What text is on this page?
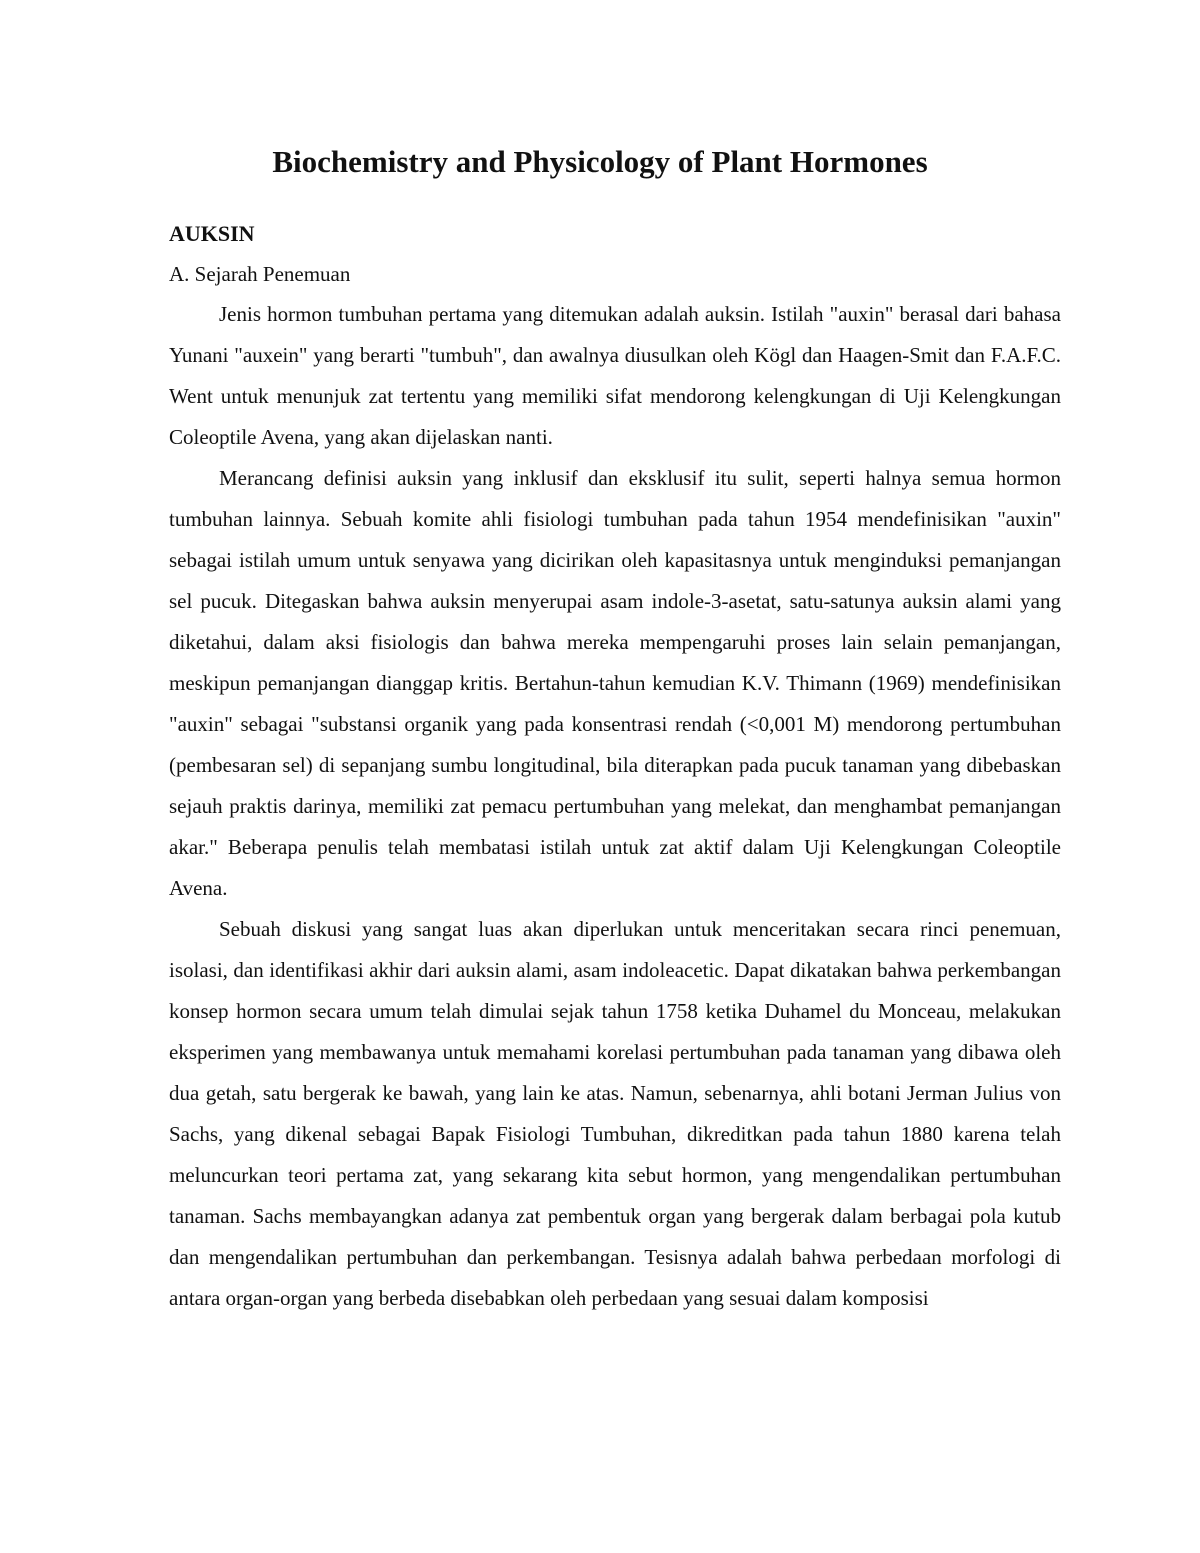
Biochemistry and Physicology of Plant Hormones
AUKSIN

A. Sejarah Penemuan

Jenis hormon tumbuhan pertama yang ditemukan adalah auksin. Istilah "auxin" berasal dari bahasa Yunani "auxein" yang berarti "tumbuh", dan awalnya diusulkan oleh Kögl dan Haagen-Smit dan F.A.F.C. Went untuk menunjuk zat tertentu yang memiliki sifat mendorong kelengkungan di Uji Kelengkungan Coleoptile Avena, yang akan dijelaskan nanti.

Merancang definisi auksin yang inklusif dan eksklusif itu sulit, seperti halnya semua hormon tumbuhan lainnya. Sebuah komite ahli fisiologi tumbuhan pada tahun 1954 mendefinisikan "auxin" sebagai istilah umum untuk senyawa yang dicirikan oleh kapasitasnya untuk menginduksi pemanjangan sel pucuk. Ditegaskan bahwa auksin menyerupai asam indole-3-asetat, satu-satunya auksin alami yang diketahui, dalam aksi fisiologis dan bahwa mereka mempengaruhi proses lain selain pemanjangan, meskipun pemanjangan dianggap kritis. Bertahun-tahun kemudian K.V. Thimann (1969) mendefinisikan "auxin" sebagai "substansi organik yang pada konsentrasi rendah (<0,001 M) mendorong pertumbuhan (pembesaran sel) di sepanjang sumbu longitudinal, bila diterapkan pada pucuk tanaman yang dibebaskan sejauh praktis darinya, memiliki zat pemacu pertumbuhan yang melekat, dan menghambat pemanjangan akar." Beberapa penulis telah membatasi istilah untuk zat aktif dalam Uji Kelengkungan Coleoptile Avena.

Sebuah diskusi yang sangat luas akan diperlukan untuk menceritakan secara rinci penemuan, isolasi, dan identifikasi akhir dari auksin alami, asam indoleacetic. Dapat dikatakan bahwa perkembangan konsep hormon secara umum telah dimulai sejak tahun 1758 ketika Duhamel du Monceau, melakukan eksperimen yang membawanya untuk memahami korelasi pertumbuhan pada tanaman yang dibawa oleh dua getah, satu bergerak ke bawah, yang lain ke atas. Namun, sebenarnya, ahli botani Jerman Julius von Sachs, yang dikenal sebagai Bapak Fisiologi Tumbuhan, dikreditkan pada tahun 1880 karena telah meluncurkan teori pertama zat, yang sekarang kita sebut hormon, yang mengendalikan pertumbuhan tanaman. Sachs membayangkan adanya zat pembentuk organ yang bergerak dalam berbagai pola kutub dan mengendalikan pertumbuhan dan perkembangan. Tesisnya adalah bahwa perbedaan morfologi di antara organ-organ yang berbeda disebabkan oleh perbedaan yang sesuai dalam komposisi
